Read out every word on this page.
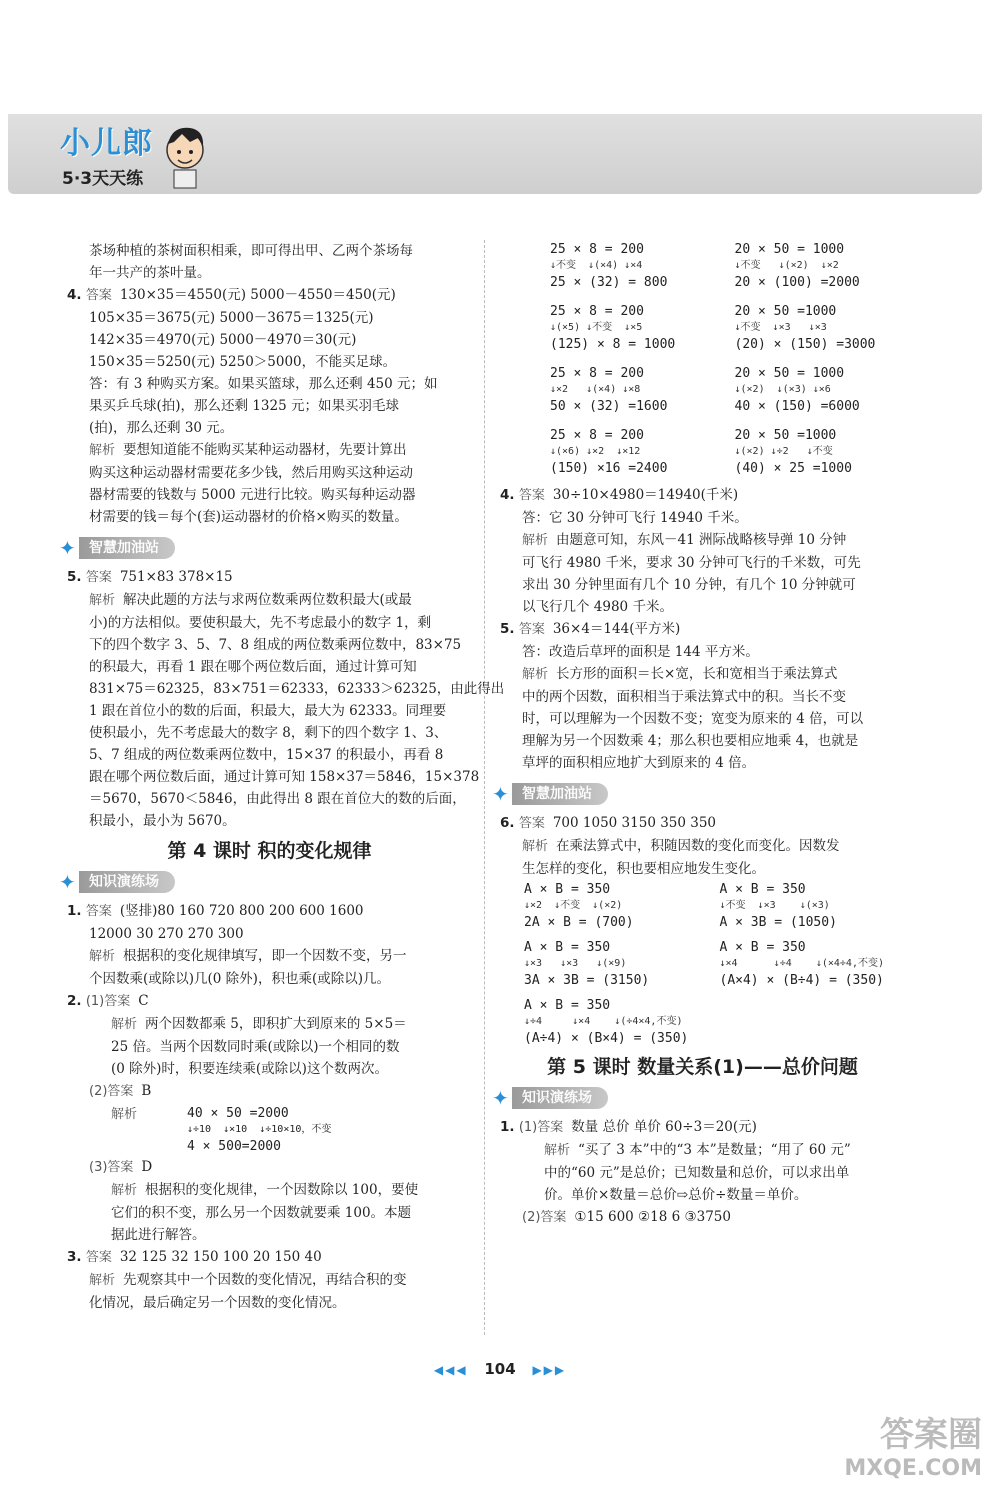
小儿郎
5·3天天练
茶场种植的茶树面积相乘，即可得出甲、乙两个茶场每
年一共产的茶叶量。
4. 答案 130×35＝4550(元) 5000－4550＝450(元)
105×35＝3675(元) 5000－3675＝1325(元)
142×35＝4970(元) 5000－4970＝30(元)
150×35＝5250(元) 5250＞5000，不能买足球。
答：有 3 种购买方案。如果买篮球，那么还剩 450 元；如
果买乒乓球(拍)，那么还剩 1325 元；如果买羽毛球
(拍)，那么还剩 30 元。
解析 要想知道能不能购买某种运动器材，先要计算出
购买这种运动器材需要花多少钱，然后用购买这种运动
器材需要的钱数与 5000 元进行比较。购买每种运动器
材需要的钱＝每个(套)运动器材的价格×购买的数量。
✦ 智慧加油站
5. 答案 751×83 378×15
解析 解决此题的方法与求两位数乘两位数积最大(或最
小)的方法相似。要使积最大，先不考虑最小的数字 1，剩
下的四个数字 3、5、7、8 组成的两位数乘两位数中，83×75
的积最大，再看 1 跟在哪个两位数后面，通过计算可知
831×75＝62325，83×751＝62333，62333＞62325，由此得出
1 跟在首位小的数的后面，积最大，最大为 62333。同理要
使积最小，先不考虑最大的数字 8，剩下的四个数字 1、3、
5、7 组成的两位数乘两位数中，15×37 的积最小，再看 8
跟在哪个两位数后面，通过计算可知 158×37＝5846，15×378
＝5670，5670＜5846，由此得出 8 跟在首位大的数的后面，
积最小，最小为 5670。
第 4 课时 积的变化规律
✦ 知识演练场
1. 答案 (竖排)80 160 720 800 200 600 1600
12000 30 270 270 300
解析 根据积的变化规律填写，即一个因数不变，另一
个因数乘(或除以)几(0 除外)，积也乘(或除以)几。
2. (1)答案 C
解析 两个因数都乘 5，即积扩大到原来的 5×5＝
25 倍。当两个因数同时乘(或除以)一个相同的数
(0 除外)时，积要连续乘(或除以)这个数两次。
(2)答案 B
解析	40 × 50 =2000
↓÷10  ↓×10  ↓÷10×10，不变
4 × 500=2000
(3)答案 D
解析 根据积的变化规律，一个因数除以 100，要使
它们的积不变，那么另一个因数就要乘 100。本题
据此进行解答。
3. 答案 32 125 32 150 100 20 150 40
解析 先观察其中一个因数的变化情况，再结合积的变
化情况，最后确定另一个因数的变化情况。
25 × 8 = 200
↓不变  ↓(×4) ↓×4
25 × (32) = 800
20 × 50 = 1000
↓不变   ↓(×2)  ↓×2
20 × (100) =2000
25 × 8 = 200
↓(×5) ↓不变  ↓×5
(125) × 8 = 1000
20 × 50 =1000
↓不变  ↓×3   ↓×3
(20) × (150) =3000
25 × 8 = 200
↓×2   ↓(×4) ↓×8
50 × (32) =1600
20 × 50 = 1000
↓(×2)  ↓(×3) ↓×6
40 × (150) =6000
25 × 8 = 200
↓(×6) ↓×2  ↓×12
(150) ×16 =2400
20 × 50 =1000
↓(×2) ↓÷2   ↓不变
(40) × 25 =1000
4. 答案 30÷10×4980＝14940(千米)
答：它 30 分钟可飞行 14940 千米。
解析 由题意可知，东风－41 洲际战略核导弹 10 分钟
可飞行 4980 千米，要求 30 分钟可飞行的千米数，可先
求出 30 分钟里面有几个 10 分钟，有几个 10 分钟就可
以飞行几个 4980 千米。
5. 答案 36×4＝144(平方米)
答：改造后草坪的面积是 144 平方米。
解析 长方形的面积＝长×宽，长和宽相当于乘法算式
中的两个因数，面积相当于乘法算式中的积。当长不变
时，可以理解为一个因数不变；宽变为原来的 4 倍，可以
理解为另一个因数乘 4；那么积也要相应地乘 4，也就是
草坪的面积相应地扩大到原来的 4 倍。
✦ 智慧加油站
6. 答案 700 1050 3150 350 350
解析 在乘法算式中，积随因数的变化而变化。因数发
生怎样的变化，积也要相应地发生变化。
A × B = 350
↓×2  ↓不变  ↓(×2)
2A × B = (700)
A × B = 350
↓不变  ↓×3    ↓(×3)
A × 3B = (1050)
A × B = 350
↓×3   ↓×3   ↓(×9)
3A × 3B = (3150)
A × B = 350
↓×4      ↓÷4    ↓(×4÷4,不变)
(A×4) × (B÷4) = (350)
A × B = 350
↓÷4     ↓×4    ↓(÷4×4,不变)
(A÷4) × (B×4) = (350)
第 5 课时 数量关系(1)——总价问题
✦ 知识演练场
1. (1)答案 数量 总价 单价 60÷3＝20(元)
解析 “买了 3 本”中的“3 本”是数量；“用了 60 元”
中的“60 元”是总价；已知数量和总价，可以求出单
价。单价×数量＝总价⇨总价÷数量＝单价。
(2)答案 ①15 600 ②18 6 ③3750
◀◀◀ 104 ▶▶▶
答案圈
MXQE.COM
